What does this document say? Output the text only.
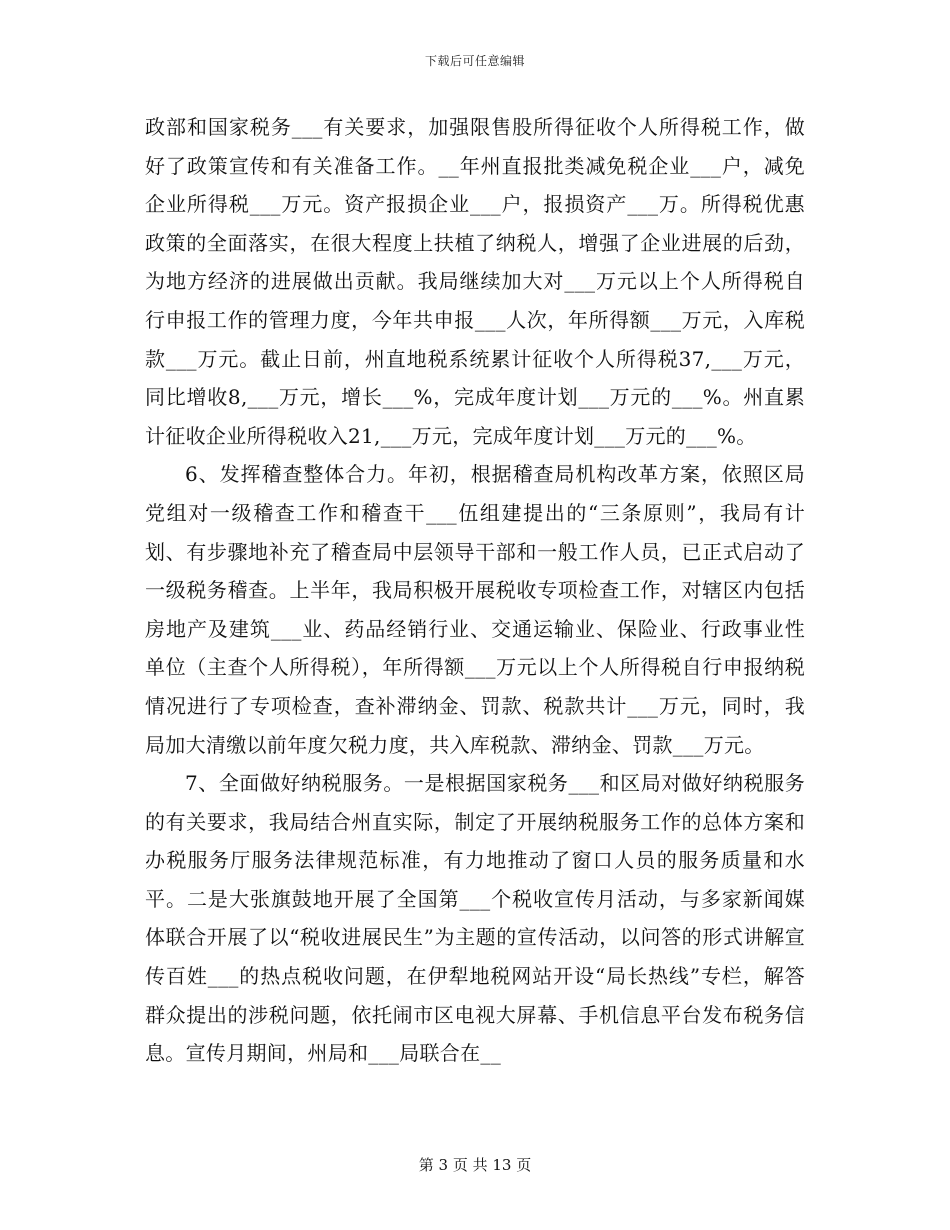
下载后可任意编辑

政部和国家税务___有关要求，加强限售股所得征收个人所得税工作，做好了政策宣传和有关准备工作。__年州直报批类减免税企业___户，减免企业所得税___万元。资产报损企业___户，报损资产___万。所得税优惠政策的全面落实，在很大程度上扶植了纳税人，增强了企业进展的后劲，为地方经济的进展做出贡献。我局继续加大对___万元以上个人所得税自行申报工作的管理力度，今年共申报___人次，年所得额___万元，入库税款___万元。截止日前，州直地税系统累计征收个人所得税37,___万元，同比增收8,___万元，增长___%，完成年度计划___万元的___%。州直累计征收企业所得税收入21,___万元，完成年度计划___万元的___%。

6、发挥稽查整体合力。年初，根据稽查局机构改革方案，依照区局党组对一级稽查工作和稽查干___伍组建提出的“三条原则”，我局有计划、有步骤地补充了稽查局中层领导干部和一般工作人员，已正式启动了一级税务稽查。上半年，我局积极开展税收专项检查工作，对辖区内包括房地产及建筑___业、药品经销行业、交通运输业、保险业、行政事业性单位（主查个人所得税），年所得额___万元以上个人所得税自行申报纳税情况进行了专项检查，查补滞纳金、罚款、税款共计___万元，同时，我局加大清缴以前年度欠税力度，共入库税款、滞纳金、罚款___万元。

7、全面做好纳税服务。一是根据国家税务___和区局对做好纳税服务的有关要求，我局结合州直实际，制定了开展纳税服务工作的总体方案和办税服务厅服务法律规范标准，有力地推动了窗口人员的服务质量和水平。二是大张旗鼓地开展了全国第___个税收宣传月活动，与多家新闻媒体联合开展了以“税收进展民生”为主题的宣传活动，以问答的形式讲解宣传百姓___的热点税收问题，在伊犁地税网站开设“局长热线”专栏，解答群众提出的涉税问题，依托闹市区电视大屏幕、手机信息平台发布税务信息。宣传月期间，州局和___局联合在__

第 3 页 共 13 页
